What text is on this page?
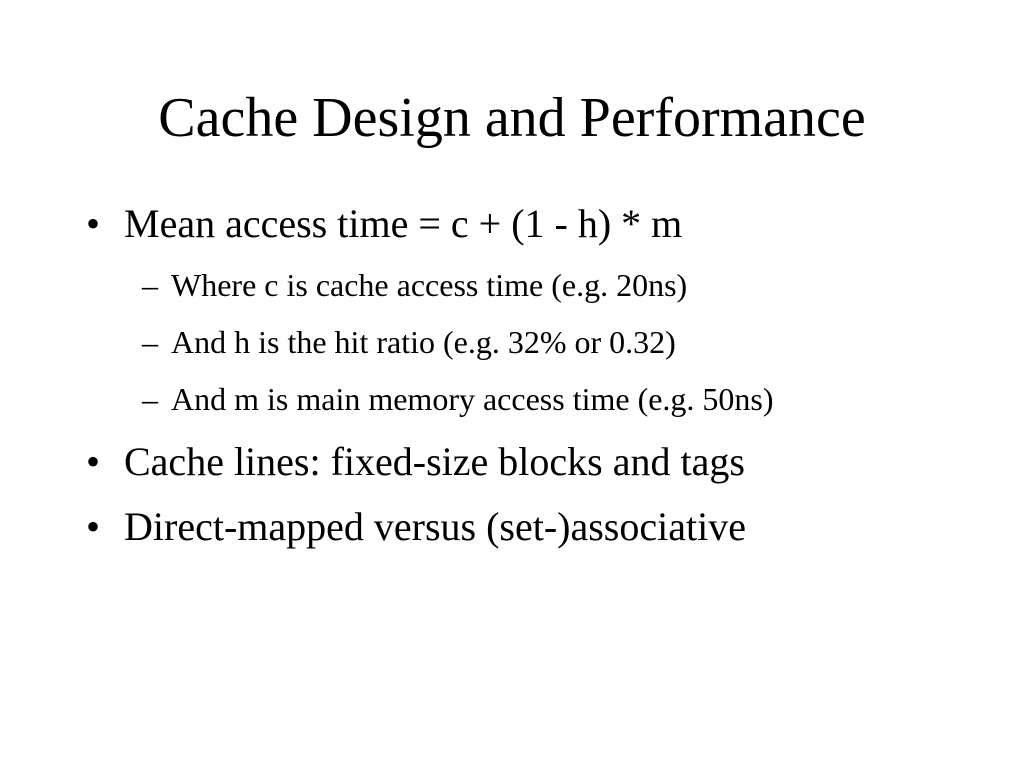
Cache Design and Performance
• Mean access time = c + (1 - h) * m
– Where c is cache access time (e.g. 20ns)
– And h is the hit ratio (e.g. 32% or 0.32)
– And m is main memory access time (e.g. 50ns)
• Cache lines: fixed-size blocks and tags
• Direct-mapped versus (set-)associative
